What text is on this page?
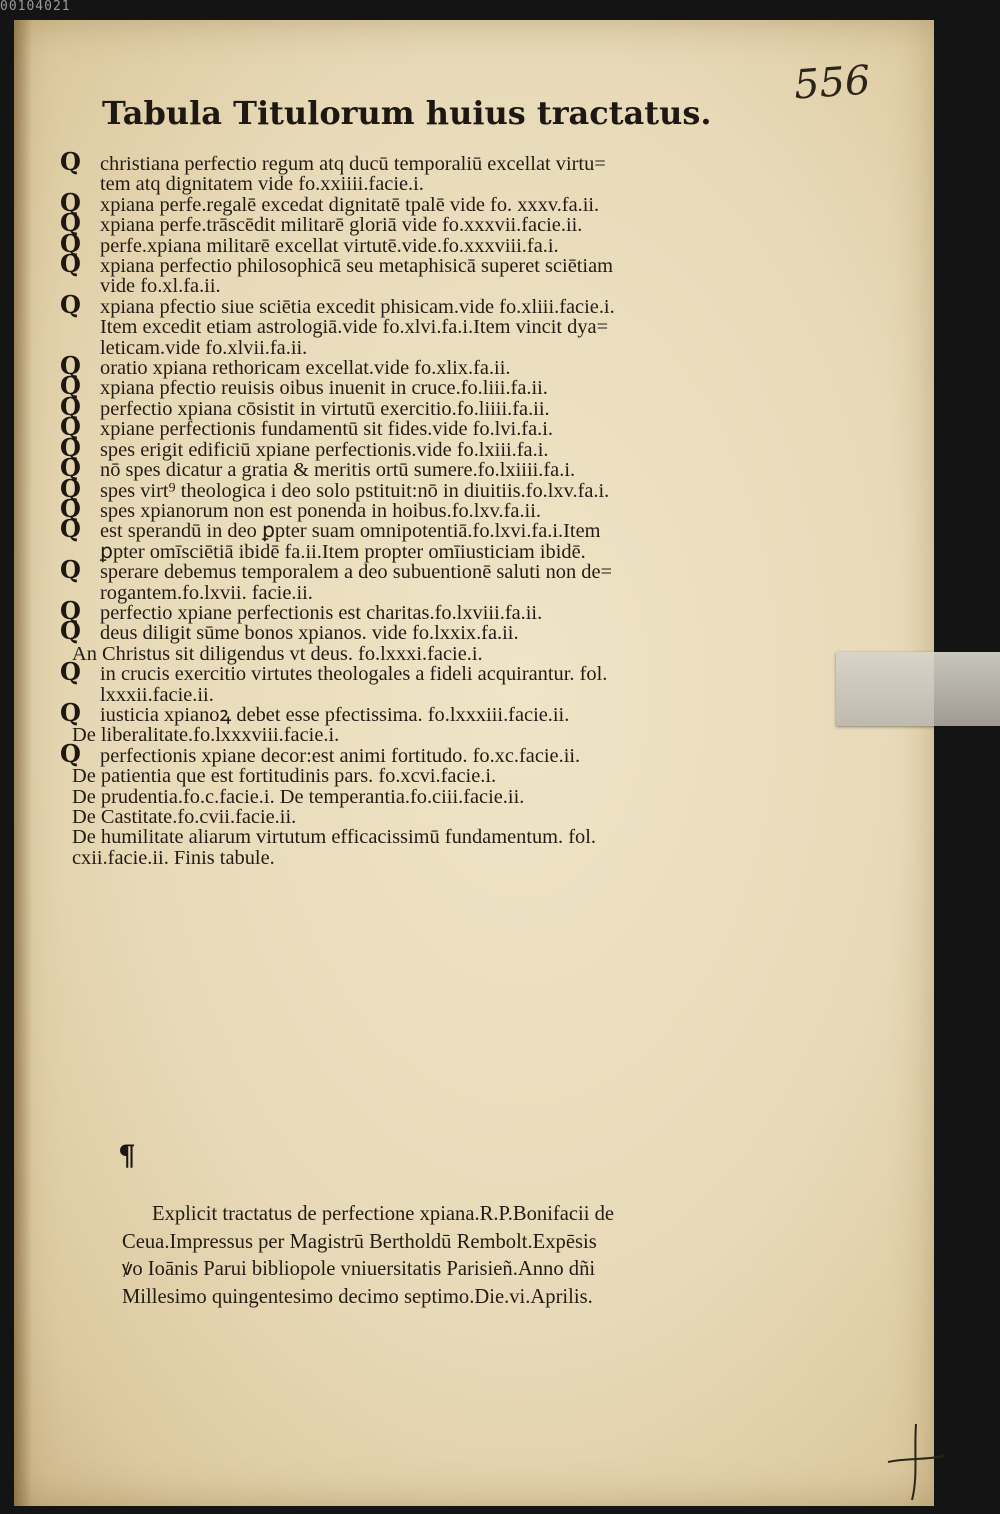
00104021
556
Tabula Titulorum huius tractatus.
Q christiana perfectio regum atq ducū temporaliū excellat virtu=
tem atq dignitatem vide fo.xxiiii.facie.i.
Q xpiana perfe.regalē excedat dignitatē tpalē vide fo. xxxv.fa.ii.
Q xpiana perfe.trāscēdit militarē gloriā vide fo.xxxvii.facie.ii.
Q perfe.xpiana militarē excellat virtutē.vide.fo.xxxviii.fa.i.
Q xpiana perfectio philosophicā seu metaphisicā superet sciētiam
vide fo.xl.fa.ii.
Q xpiana pfectio siue sciētia excedit phisicam.vide fo.xliii.facie.i.
Item excedit etiam astrologiā.vide fo.xlvi.fa.i.Item vincit dya=
leticam.vide fo.xlvii.fa.ii.
Q oratio xpiana rethoricam excellat.vide fo.xlix.fa.ii.
Q xpiana pfectio reuisis oibus inuenit in cruce.fo.liii.fa.ii.
Q perfectio xpiana cōsistit in virtutū exercitio.fo.liiii.fa.ii.
Q xpiane perfectionis fundamentū sit fides.vide fo.lvi.fa.i.
Q spes erigit edificiū xpiane perfectionis.vide fo.lxiii.fa.i.
Q nō spes dicatur a gratia & meritis ortū sumere.fo.lxiiii.fa.i.
Q spes virt⁹ theologica i deo solo pstituit:nō in diuitiis.fo.lxv.fa.i.
Q spes xpianorum non est ponenda in hoibus.fo.lxv.fa.ii.
Q est sperandū in deo ꝑpter suam omnipotentiā.fo.lxvi.fa.i.Item
ꝑpter omīsciētiā ibidē fa.ii.Item propter omīiusticiam ibidē.
Q sperare debemus temporalem a deo subuentionē saluti non de=
rogantem.fo.lxvii. facie.ii.
Q perfectio xpiane perfectionis est charitas.fo.lxviii.fa.ii.
Q deus diligit sūme bonos xpianos. vide fo.lxxix.fa.ii.
An Christus sit diligendus vt deus. fo.lxxxi.facie.i.
Q in crucis exercitio virtutes theologales a fideli acquirantur. fol.
lxxxii.facie.ii.
Q iusticia xpianoꝝ debet esse pfectissima. fo.lxxxiii.facie.ii.
De liberalitate.fo.lxxxviii.facie.i.
Q perfectionis xpiane decor:est animi fortitudo. fo.xc.facie.ii.
De patientia que est fortitudinis pars. fo.xcvi.facie.i.
De prudentia.fo.c.facie.i. De temperantia.fo.ciii.facie.ii.
De Castitate.fo.cvii.facie.ii.
De humilitate aliarum virtutum efficacissimū fundamentum. fol.
cxii.facie.ii. Finis tabule.

¶

Explicit tractatus de perfectione xpiana.R.P.Bonifacii de
Ceua.Impressus per Magistrū Bertholdū Rembolt.Expēsis
ꝟo Ioānis Parui bibliopole vniuersitatis Parisieñ.Anno dñi
Millesimo quingentesimo decimo septimo.Die.vi.Aprilis.
